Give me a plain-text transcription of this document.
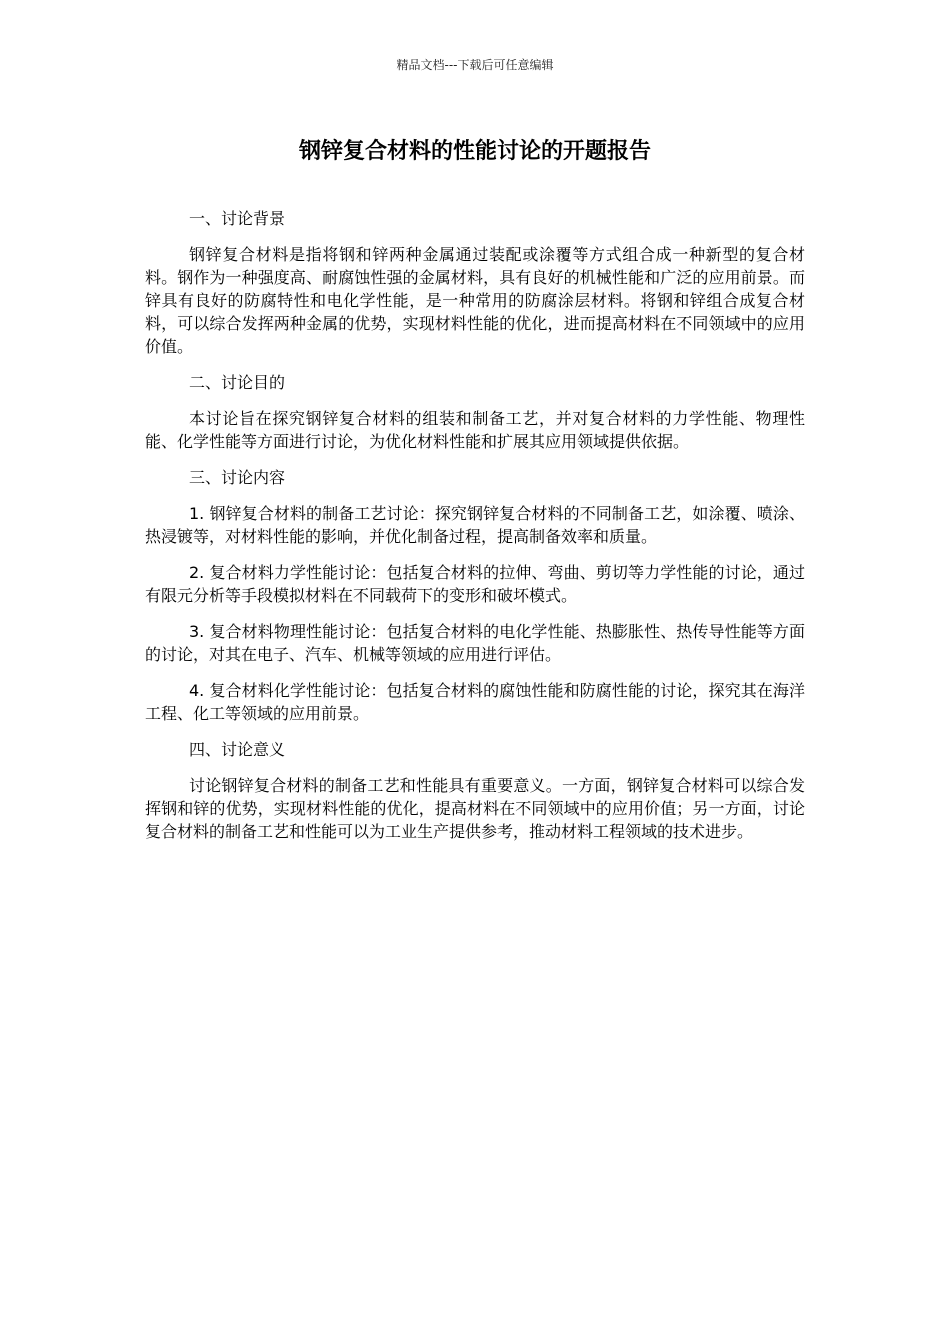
精品文档---下载后可任意编辑
钢锌复合材料的性能讨论的开题报告

一、讨论背景

钢锌复合材料是指将钢和锌两种金属通过装配或涂覆等方式组合成一种新型的复合材料。钢作为一种强度高、耐腐蚀性强的金属材料，具有良好的机械性能和广泛的应用前景。而锌具有良好的防腐特性和电化学性能，是一种常用的防腐涂层材料。将钢和锌组合成复合材料，可以综合发挥两种金属的优势，实现材料性能的优化，进而提高材料在不同领域中的应用价值。

二、讨论目的

本讨论旨在探究钢锌复合材料的组装和制备工艺，并对复合材料的力学性能、物理性能、化学性能等方面进行讨论，为优化材料性能和扩展其应用领域提供依据。

三、讨论内容

1. 钢锌复合材料的制备工艺讨论：探究钢锌复合材料的不同制备工艺，如涂覆、喷涂、热浸镀等，对材料性能的影响，并优化制备过程，提高制备效率和质量。

2. 复合材料力学性能讨论：包括复合材料的拉伸、弯曲、剪切等力学性能的讨论，通过有限元分析等手段模拟材料在不同载荷下的变形和破坏模式。

3. 复合材料物理性能讨论：包括复合材料的电化学性能、热膨胀性、热传导性能等方面的讨论，对其在电子、汽车、机械等领域的应用进行评估。

4. 复合材料化学性能讨论：包括复合材料的腐蚀性能和防腐性能的讨论，探究其在海洋工程、化工等领域的应用前景。

四、讨论意义

讨论钢锌复合材料的制备工艺和性能具有重要意义。一方面，钢锌复合材料可以综合发挥钢和锌的优势，实现材料性能的优化，提高材料在不同领域中的应用价值；另一方面，讨论复合材料的制备工艺和性能可以为工业生产提供参考，推动材料工程领域的技术进步。
